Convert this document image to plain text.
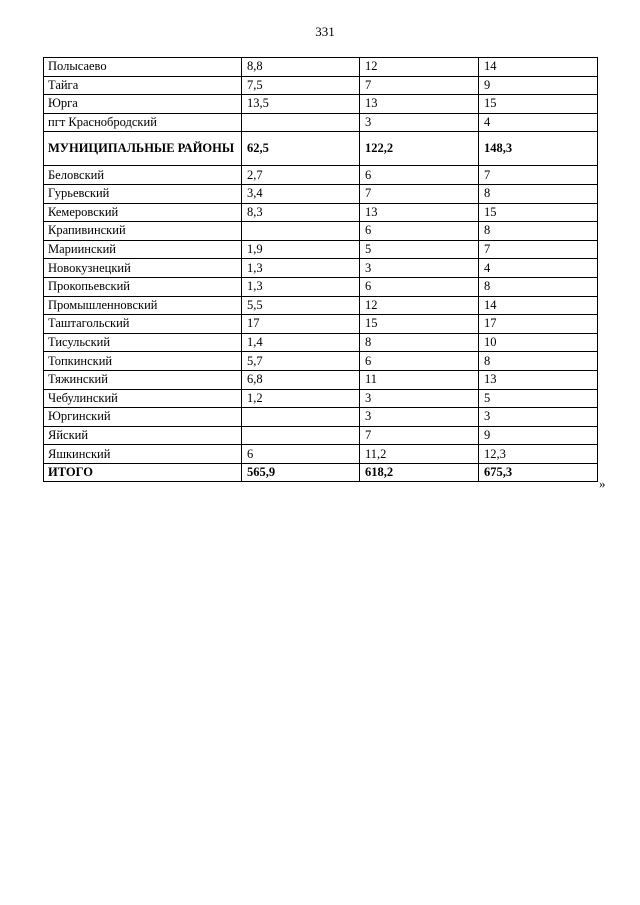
331
Полысаево	8,8	12	14
Тайга	7,5	7	9
Юрга	13,5	13	15
пгт Краснобродский		3	4
МУНИЦИПАЛЬНЫЕ РАЙОНЫ	62,5	122,2	148,3
Беловский	2,7	6	7
Гурьевский	3,4	7	8
Кемеровский	8,3	13	15
Крапивинский		6	8
Мариинский	1,9	5	7
Новокузнецкий	1,3	3	4
Прокопьевский	1,3	6	8
Промышленновский	5,5	12	14
Таштагольский	17	15	17
Тисульский	1,4	8	10
Топкинский	5,7	6	8
Тяжинский	6,8	11	13
Чебулинский	1,2	3	5
Юргинский		3	3
Яйский		7	9
Яшкинский	6	11,2	12,3
ИТОГО	565,9	618,2	675,3
»
